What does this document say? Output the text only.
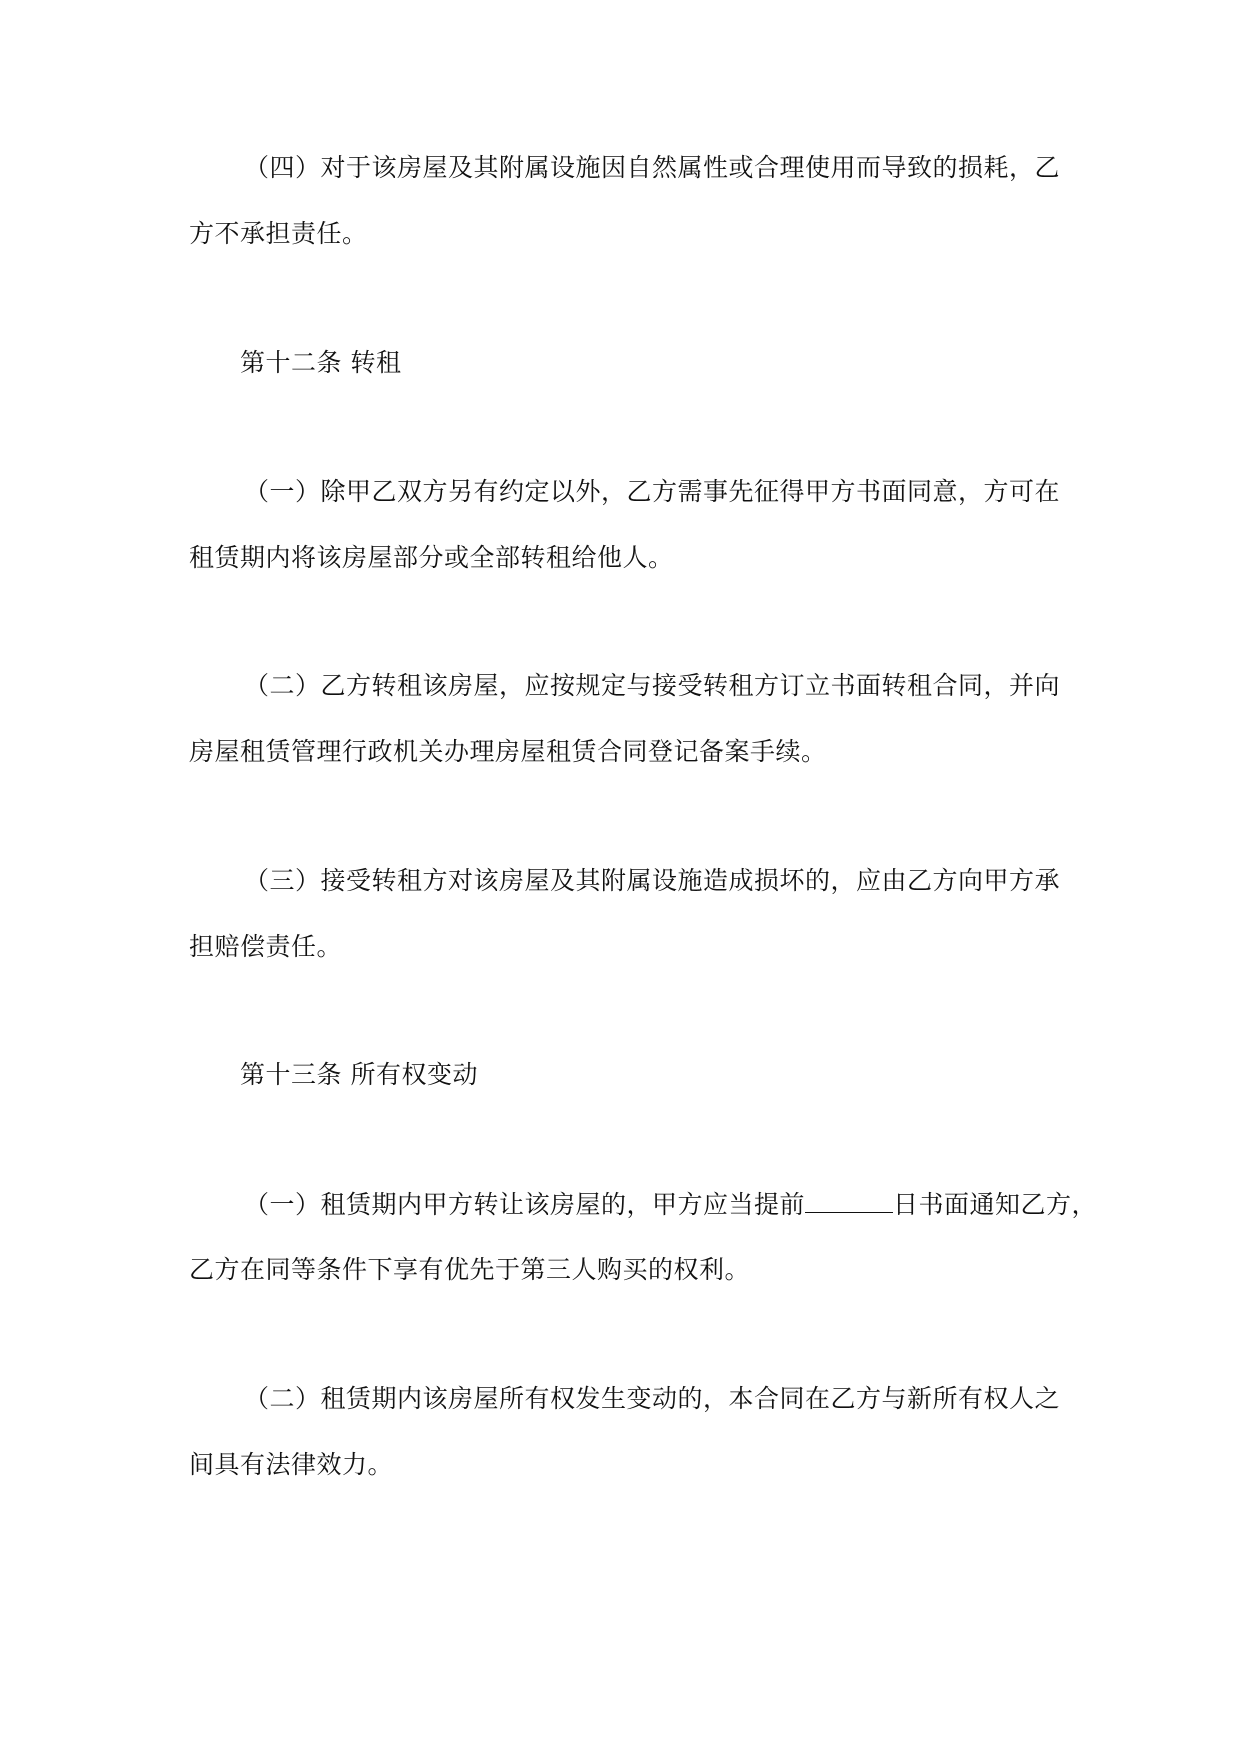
（四）对于该房屋及其附属设施因自然属性或合理使用而导致的损耗，乙
方不承担责任。
第十二条 转租
（一）除甲乙双方另有约定以外，乙方需事先征得甲方书面同意，方可在
租赁期内将该房屋部分或全部转租给他人。
（二）乙方转租该房屋，应按规定与接受转租方订立书面转租合同，并向
房屋租赁管理行政机关办理房屋租赁合同登记备案手续。
（三）接受转租方对该房屋及其附属设施造成损坏的，应由乙方向甲方承
担赔偿责任。
第十三条 所有权变动
（一）租赁期内甲方转让该房屋的，甲方应当提前	日书面通知乙方，
乙方在同等条件下享有优先于第三人购买的权利。
（二）租赁期内该房屋所有权发生变动的，本合同在乙方与新所有权人之
间具有法律效力。
